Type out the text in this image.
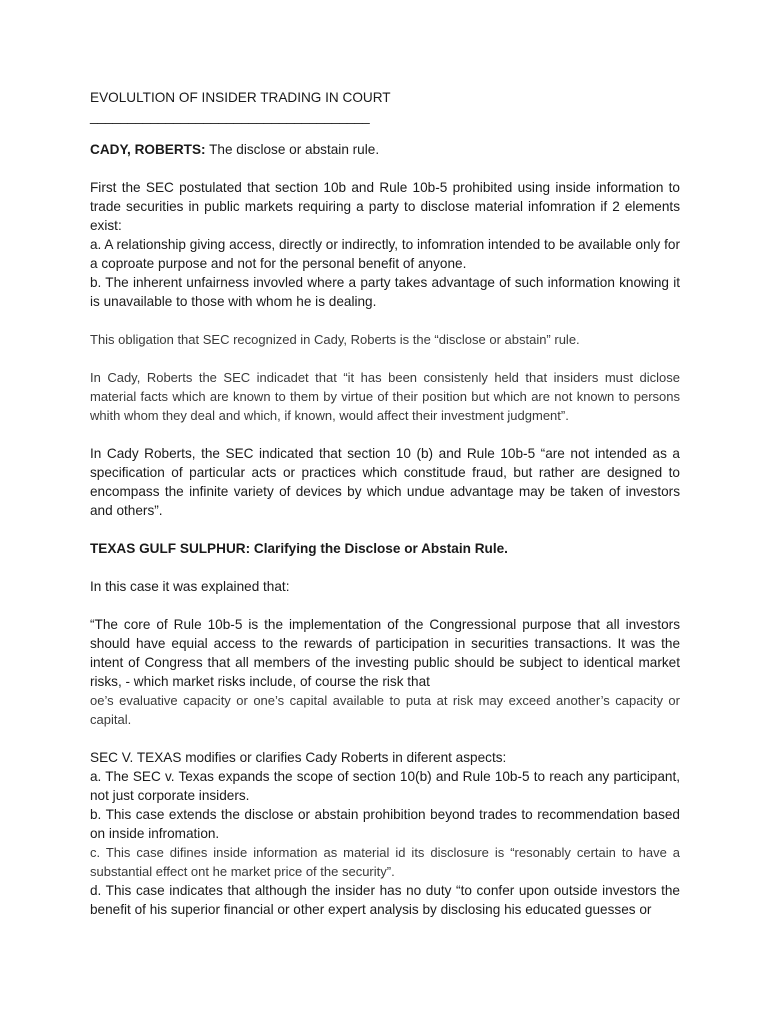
EVOLULTION OF INSIDER TRADING IN COURT

_____________________________________

CADY, ROBERTS: The disclose or abstain rule.

First the SEC postulated that section 10b and Rule 10b-5 prohibited using inside information to trade securities in public markets requiring a party to disclose material infomration if 2 elements exist:

a. A relationship giving access, directly or indirectly, to infomration intended to be available only for a coproate purpose and not for the personal benefit of anyone.

b. The inherent unfairness invovled where a party takes advantage of such information knowing it is unavailable to those with whom he is dealing.

This obligation that SEC recognized in Cady, Roberts is the “disclose or abstain” rule.

In Cady, Roberts the SEC indicadet that “it has been consistenly held that insiders must diclose material facts which are known to them by virtue of their position but which are not known to persons whith whom they deal and which, if known, would affect their investment judgment”.

In Cady Roberts, the SEC indicated that section 10 (b) and Rule 10b-5 “are not intended as a specification of particular acts or practices which constitude fraud, but rather are designed to encompass the infinite variety of devices by which undue advantage may be taken of investors and others”.

TEXAS GULF SULPHUR: Clarifying the Disclose or Abstain Rule.

In this case it was explained that:

“The core of Rule 10b-5 is the implementation of the Congressional purpose that all investors should have equial access to the rewards of participation in securities transactions. It was the intent of Congress that all members of the investing public should be subject to identical market risks, - which market risks include, of course the risk that

oe’s evaluative capacity or one’s capital available to puta at risk may exceed another’s capacity or capital.

SEC V. TEXAS modifies or clarifies Cady Roberts in diferent aspects:

a. The SEC v. Texas expands the scope of section 10(b) and Rule 10b-5 to reach any participant, not just corporate insiders.

b. This case extends the disclose or abstain prohibition beyond trades to recommendation based on inside infromation.

c. This case difines inside information as material id its disclosure is “resonably certain to have a substantial effect ont he market price of the security”.

d. This case indicates that although the insider has no duty “to confer upon outside investors the benefit of his superior financial or other expert analysis by disclosing his educated guesses or
